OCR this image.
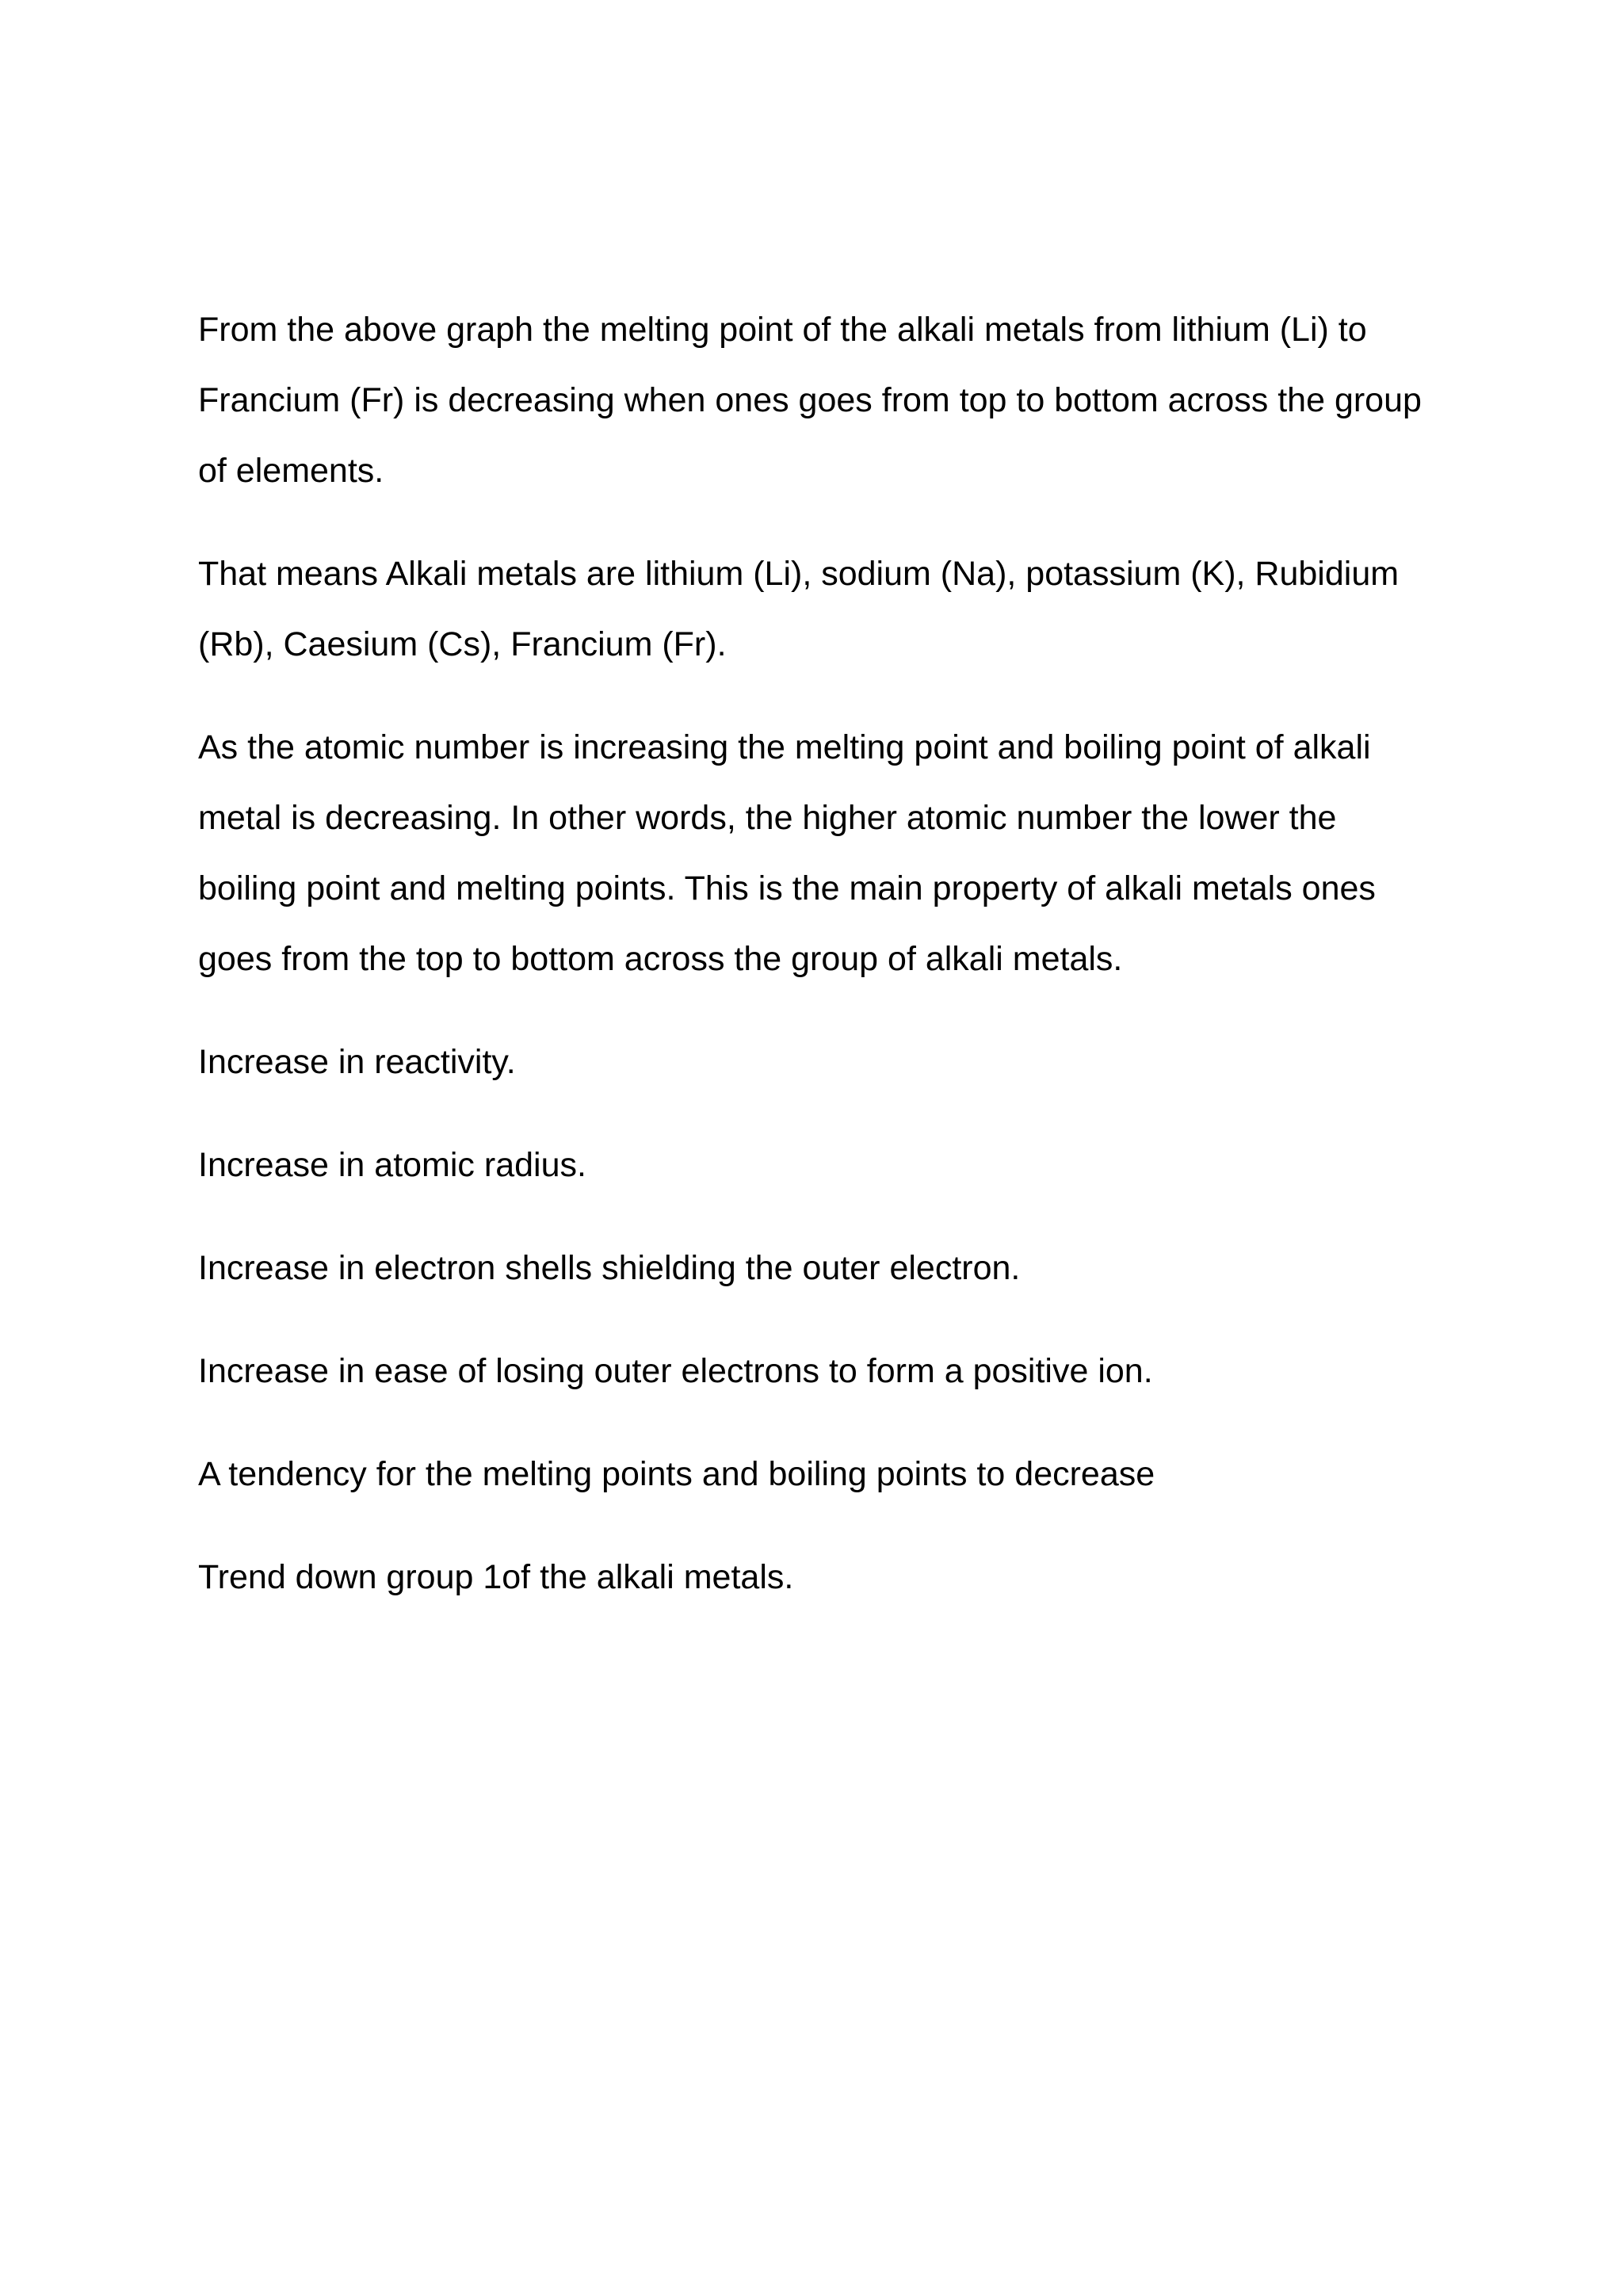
From the above graph the melting point of the alkali metals from lithium (Li) to Francium (Fr) is decreasing when ones goes from top to bottom across the group of elements.

That means Alkali metals are lithium (Li), sodium (Na), potassium (K), Rubidium (Rb), Caesium (Cs), Francium (Fr).

As the atomic number is increasing the melting point and boiling point of alkali metal is decreasing. In other words, the higher atomic number the lower the boiling point and melting points. This is the main property of alkali metals ones goes from the top to bottom across the group of alkali metals.

Increase in reactivity.

Increase in atomic radius.

Increase in electron shells shielding the outer electron.

Increase in ease of losing outer electrons to form a positive ion.

A tendency for the melting points and boiling points to decrease

Trend down group 1of the alkali metals.
